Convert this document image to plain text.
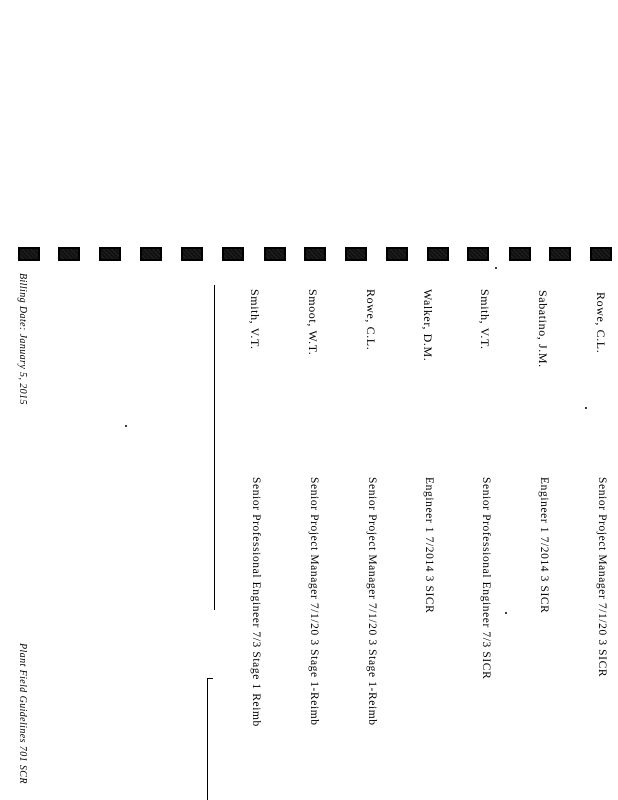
Rowe, C.L.
Senior Project Manager 7/1/20 3 SICR
Sabatino, J.M.
Engineer 1 7/2014 3 SICR
Smith, V.T.
Senior Professional Engineer 7/3 SICR
Walker, D.M.
Engineer 1 7/2014 3 SICR
Rowe, C.L.
Senior Project Manager 7/1/20 3 Stage 1-Reimb
Smoot, W.T.
Senior Project Manager 7/1/20 3 Stage 1-Reimb
Smith, V.T.
Senior Professional Engineer 7/3 Stage 1 Reimb
Billing Date: January 5, 2015
Plant Field Guidelines 701 SCR
